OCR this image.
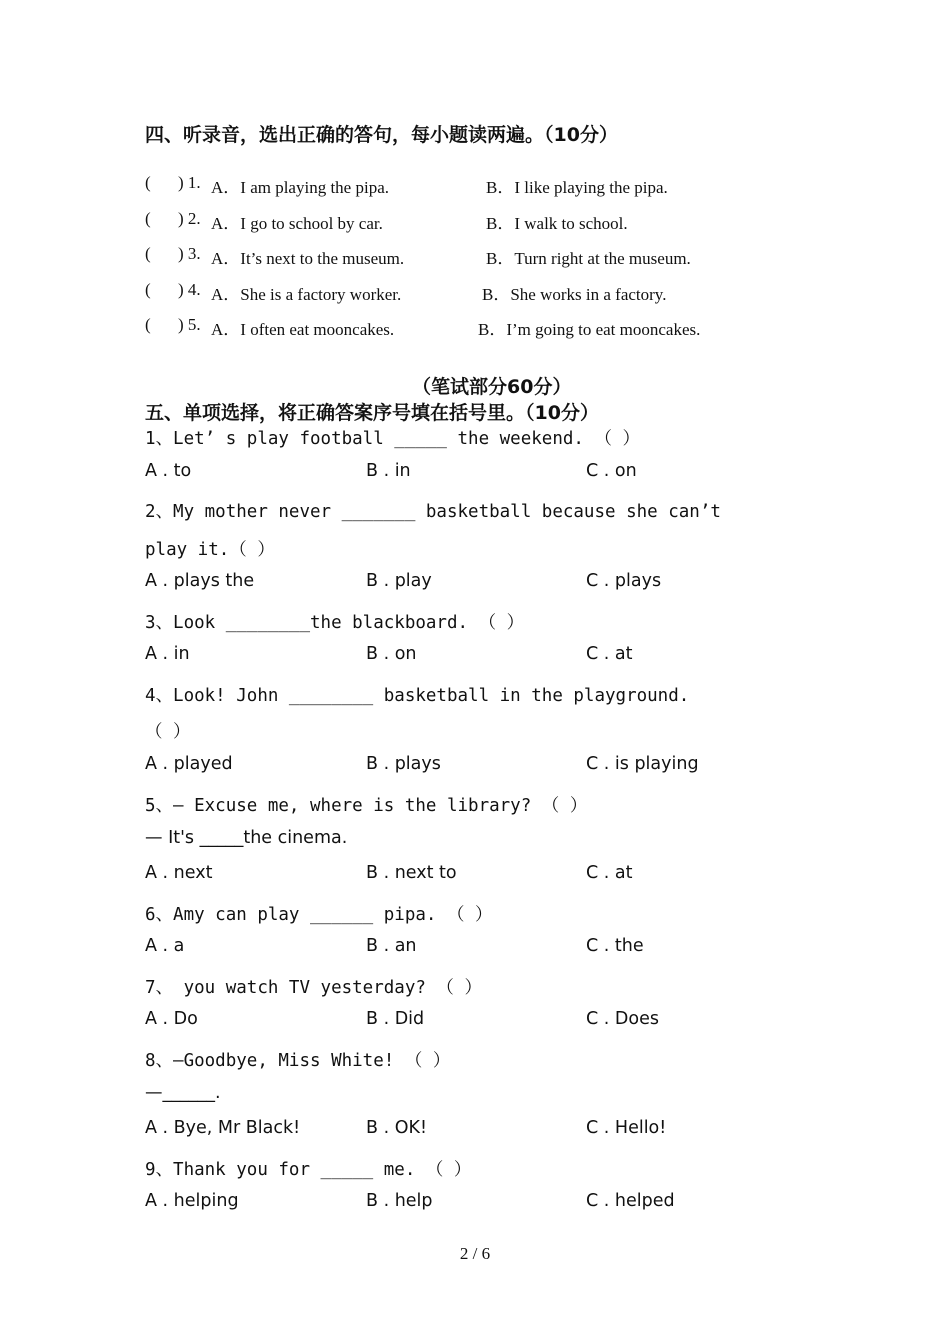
四、听录音，选出正确的答句，每小题读两遍。（10分）
( ) 1. A．I am playing the pipa.	B．I like playing the pipa.
( ) 2. A．I go to school by car.	B．I walk to school.
( ) 3. A．It’s next to the museum.	B．Turn right at the museum.
( ) 4. A．She is a factory worker.	B．She works in a factory.
( ) 5. A．I often eat mooncakes.	B．I’m going to eat mooncakes.
（笔试部分60分）
五、单项选择，将正确答案序号填在括号里。（10分）
1、Let’ s play football _____ the weekend. （ ）
A . to	B . in	C . on
2、My mother never _______ basketball because she can’t
play it.（ ）
A . plays the	B . play	C . plays
3、Look ________the blackboard. （ ）
A . in	B . on	C . at
4、Look! John ________ basketball in the playground.
（ ）
A . played	B . plays	C . is playing
5、— Excuse me, where is the library? （ ）
— It's _____the cinema.
A . next	B . next to	C . at
6、Amy can play ______ pipa. （ ）
A . a	B . an	C . the
7、 you watch TV yesterday? （ ）
A . Do	B . Did	C . Does
8、—Goodbye, Miss White! （ ）
—______.
A . Bye, Mr Black!	B . OK!	C . Hello!
9、Thank you for _____ me. （ ）
A . helping	B . help	C . helped
2 / 6
